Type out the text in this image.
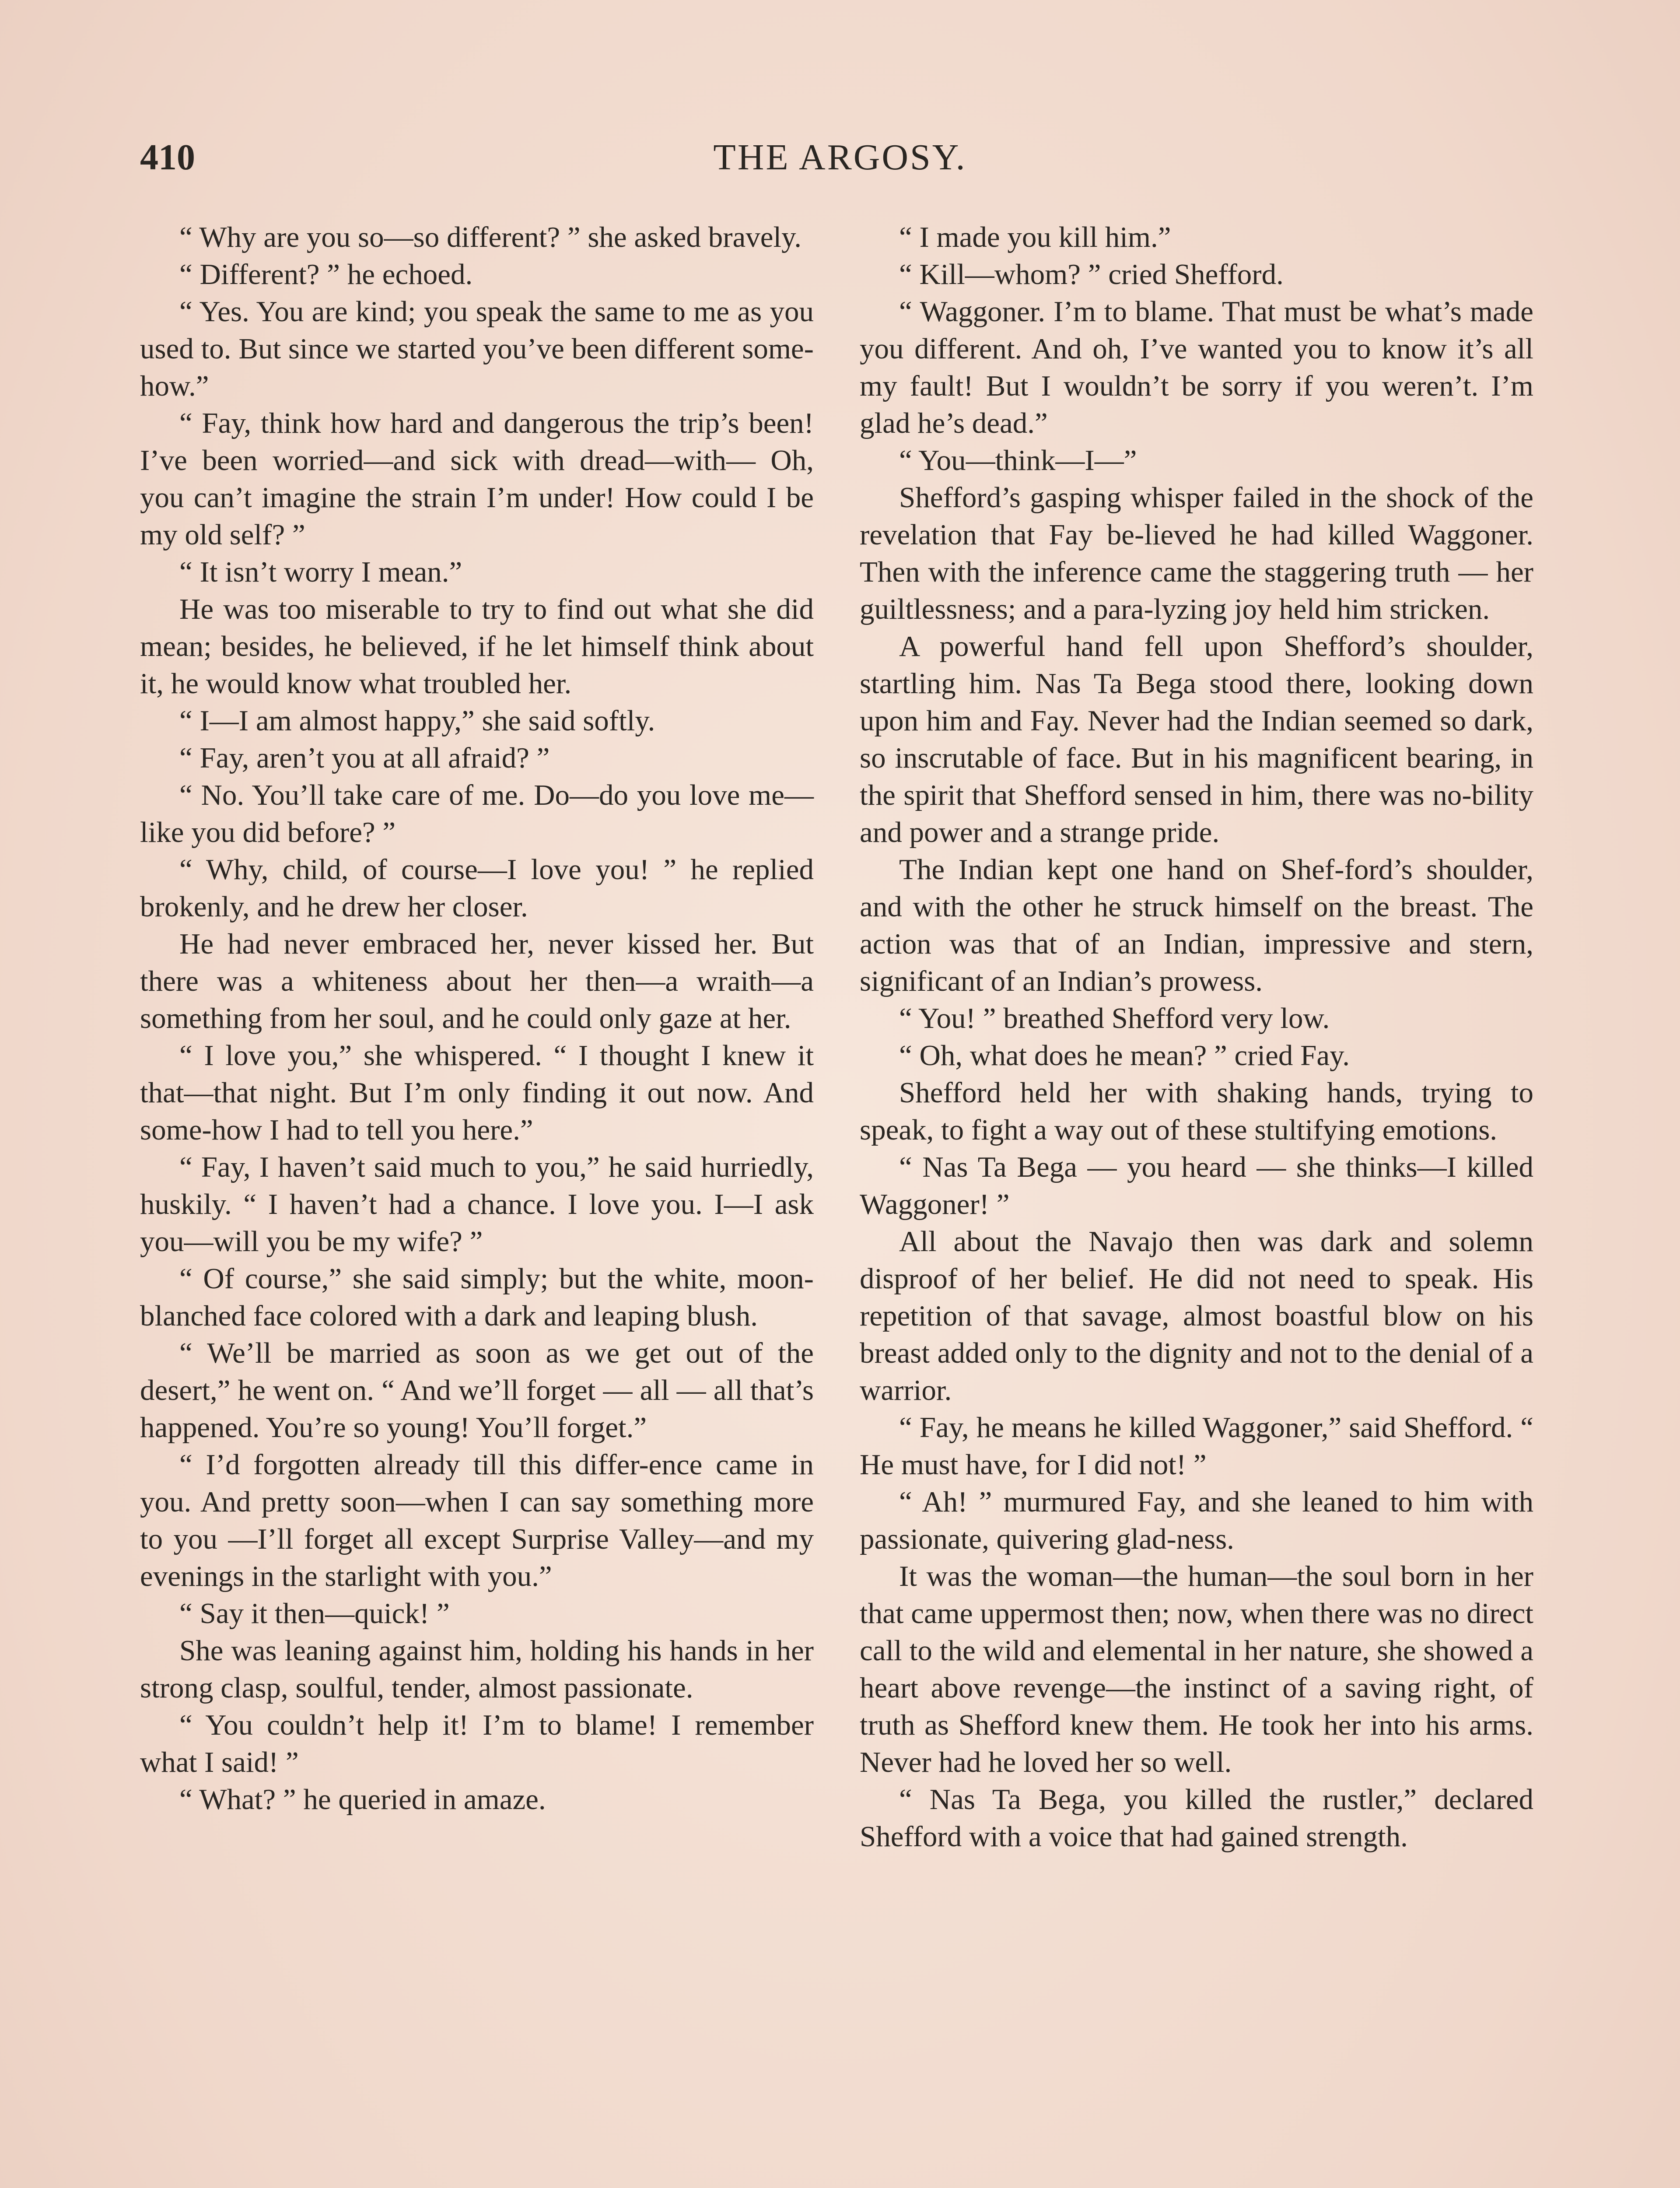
410	THE ARGOSY.

“ Why are you so—so different? ” she asked bravely.

“ Different? ” he echoed.

“ Yes. You are kind; you speak the same to me as you used to. But since we started you’ve been different some-how.”

“ Fay, think how hard and dangerous the trip’s been! I’ve been worried—and sick with dread—with— Oh, you can’t imagine the strain I’m under! How could I be my old self? ”

“ It isn’t worry I mean.”

He was too miserable to try to find out what she did mean; besides, he believed, if he let himself think about it, he would know what troubled her.

“ I—I am almost happy,” she said softly.

“ Fay, aren’t you at all afraid? ”

“ No. You’ll take care of me. Do—do you love me—like you did before? ”

“ Why, child, of course—I love you! ” he replied brokenly, and he drew her closer.

He had never embraced her, never kissed her. But there was a whiteness about her then—a wraith—a something from her soul, and he could only gaze at her.

“ I love you,” she whispered. “ I thought I knew it that—that night. But I’m only finding it out now. And some-how I had to tell you here.”

“ Fay, I haven’t said much to you,” he said hurriedly, huskily. “ I haven’t had a chance. I love you. I—I ask you—will you be my wife? ”

“ Of course,” she said simply; but the white, moon-blanched face colored with a dark and leaping blush.

“ We’ll be married as soon as we get out of the desert,” he went on. “ And we’ll forget — all — all that’s happened. You’re so young! You’ll forget.”

“ I’d forgotten already till this differ-ence came in you. And pretty soon—when I can say something more to you —I’ll forget all except Surprise Valley—and my evenings in the starlight with you.”

“ Say it then—quick! ”

She was leaning against him, holding his hands in her strong clasp, soulful, tender, almost passionate.

“ You couldn’t help it! I’m to blame! I remember what I said! ”

“ What? ” he queried in amaze.

“ I made you kill him.”

“ Kill—whom? ” cried Shefford.

“ Waggoner. I’m to blame. That must be what’s made you different. And oh, I’ve wanted you to know it’s all my fault! But I wouldn’t be sorry if you weren’t. I’m glad he’s dead.”

“ You—think—I—”

Shefford’s gasping whisper failed in the shock of the revelation that Fay be-lieved he had killed Waggoner. Then with the inference came the staggering truth — her guiltlessness; and a para-lyzing joy held him stricken.

A powerful hand fell upon Shefford’s shoulder, startling him. Nas Ta Bega stood there, looking down upon him and Fay. Never had the Indian seemed so dark, so inscrutable of face. But in his magnificent bearing, in the spirit that Shefford sensed in him, there was no-bility and power and a strange pride.

The Indian kept one hand on Shef-ford’s shoulder, and with the other he struck himself on the breast. The action was that of an Indian, impressive and stern, significant of an Indian’s prowess.

“ You! ” breathed Shefford very low.

“ Oh, what does he mean? ” cried Fay.

Shefford held her with shaking hands, trying to speak, to fight a way out of these stultifying emotions.

“ Nas Ta Bega — you heard — she thinks—I killed Waggoner! ”

All about the Navajo then was dark and solemn disproof of her belief. He did not need to speak. His repetition of that savage, almost boastful blow on his breast added only to the dignity and not to the denial of a warrior.

“ Fay, he means he killed Waggoner,” said Shefford. “ He must have, for I did not! ”

“ Ah! ” murmured Fay, and she leaned to him with passionate, quivering glad-ness.

It was the woman—the human—the soul born in her that came uppermost then; now, when there was no direct call to the wild and elemental in her nature, she showed a heart above revenge—the instinct of a saving right, of truth as Shefford knew them. He took her into his arms. Never had he loved her so well.

“ Nas Ta Bega, you killed the rustler,” declared Shefford with a voice that had gained strength.
